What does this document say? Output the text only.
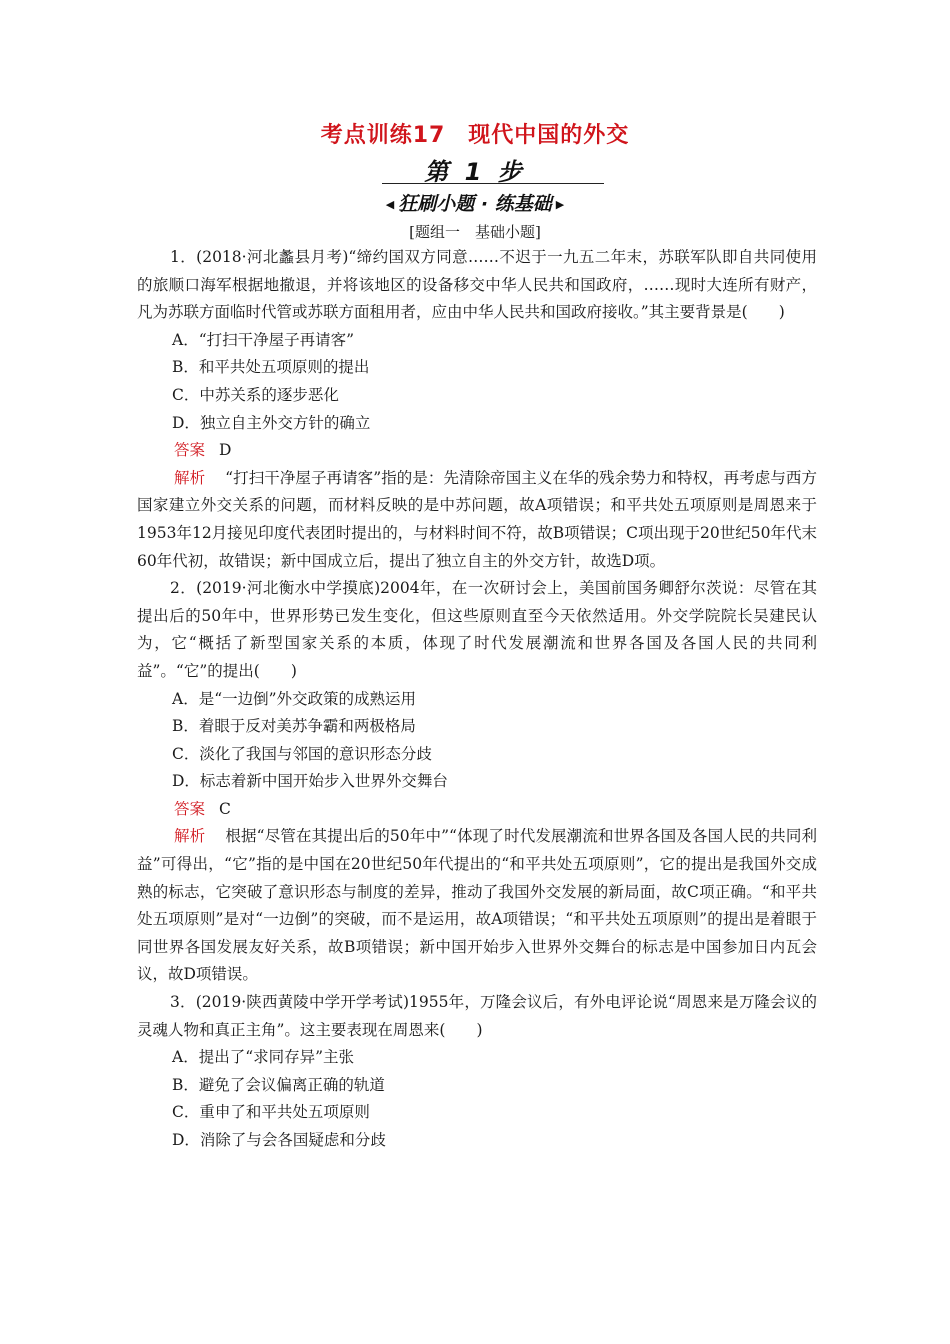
考点训练17　现代中国的外交
第 1 步
◀ 狂刷小题 · 练基础 ▶
[题组一　基础小题]

1．(2018·河北蠡县月考)“缔约国双方同意……不迟于一九五二年末，苏联军队即自共同使用的旅顺口海军根据地撤退，并将该地区的设备移交中华人民共和国政府，……现时大连所有财产，凡为苏联方面临时代管或苏联方面租用者，应由中华人民共和国政府接收。”其主要背景是(　　)

A．“打扫干净屋子再请客”

B．和平共处五项原则的提出

C．中苏关系的逐步恶化

D．独立自主外交方针的确立

答案 D

解析 “打扫干净屋子再请客”指的是：先清除帝国主义在华的残余势力和特权，再考虑与西方国家建立外交关系的问题，而材料反映的是中苏问题，故A项错误；和平共处五项原则是周恩来于1953年12月接见印度代表团时提出的，与材料时间不符，故B项错误；C项出现于20世纪50年代末60年代初，故错误；新中国成立后，提出了独立自主的外交方针，故选D项。

2．(2019·河北衡水中学摸底)2004年，在一次研讨会上，美国前国务卿舒尔茨说：尽管在其提出后的50年中，世界形势已发生变化，但这些原则直至今天依然适用。外交学院院长吴建民认为，它“概括了新型国家关系的本质，体现了时代发展潮流和世界各国及各国人民的共同利益”。“它”的提出(　　)

A．是“一边倒”外交政策的成熟运用

B．着眼于反对美苏争霸和两极格局

C．淡化了我国与邻国的意识形态分歧

D．标志着新中国开始步入世界外交舞台

答案 C

解析 根据“尽管在其提出后的50年中”“体现了时代发展潮流和世界各国及各国人民的共同利益”可得出，“它”指的是中国在20世纪50年代提出的“和平共处五项原则”，它的提出是我国外交成熟的标志，它突破了意识形态与制度的差异，推动了我国外交发展的新局面，故C项正确。“和平共处五项原则”是对“一边倒”的突破，而不是运用，故A项错误；“和平共处五项原则”的提出是着眼于同世界各国发展友好关系，故B项错误；新中国开始步入世界外交舞台的标志是中国参加日内瓦会议，故D项错误。

3．(2019·陕西黄陵中学开学考试)1955年，万隆会议后，有外电评论说“周恩来是万隆会议的灵魂人物和真正主角”。这主要表现在周恩来(　　)

A．提出了“求同存异”主张

B．避免了会议偏离正确的轨道

C．重申了和平共处五项原则

D．消除了与会各国疑虑和分歧
